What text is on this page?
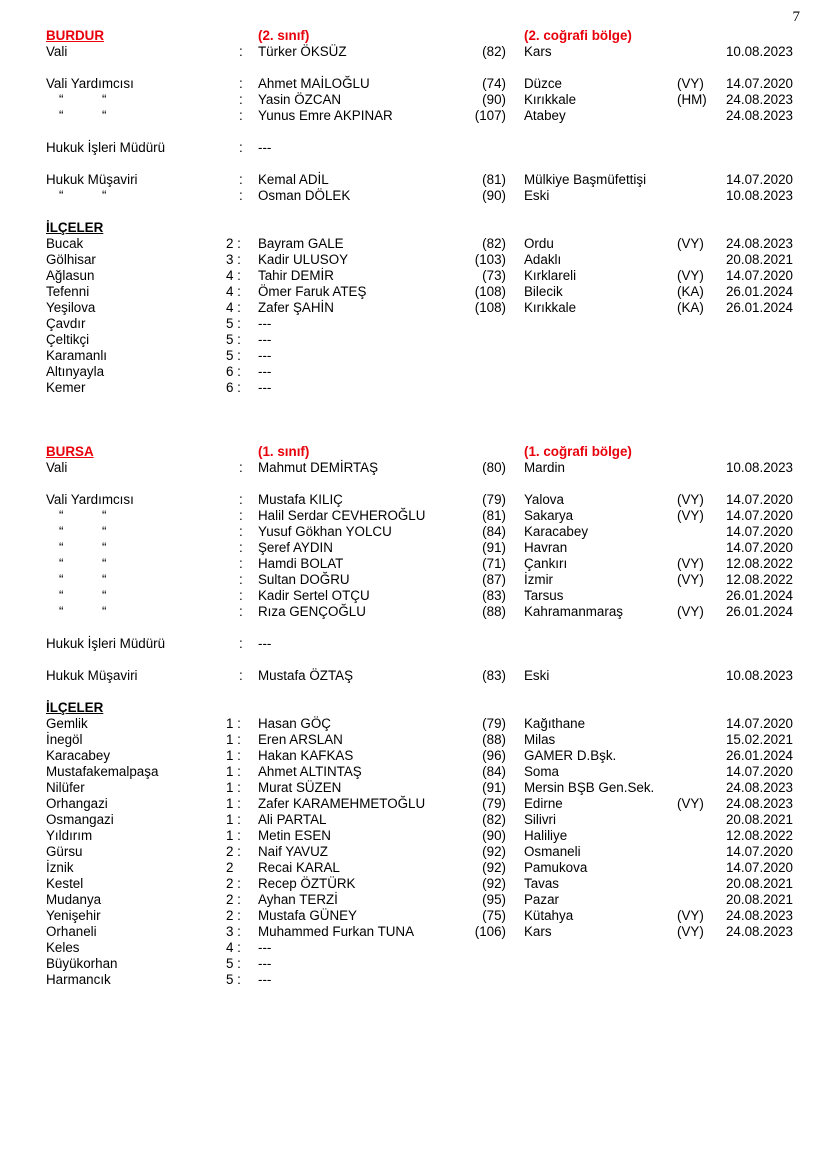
7
BURDUR	(2. sınıf)	(2. coğrafi bölge)
Vali	: Türker ÖKSÜZ	(82) Kars	10.08.2023
Vali Yardımcısı	: Ahmet MAİLOĞLU	(74) Düzce	(VY) 14.07.2020
“	“	: Yasin ÖZCAN	(90) Kırıkkale	(HM) 24.08.2023
“	“	: Yunus Emre AKPINAR	(107) Atabey	24.08.2023
Hukuk İşleri Müdürü	: ---
Hukuk Müşaviri	: Kemal ADİL	(81) Mülkiye Başmüfettişi	14.07.2020
“	“	: Osman DÖLEK	(90) Eski	10.08.2023
İLÇELER
Bucak	2 : Bayram GALE	(82) Ordu	(VY) 24.08.2023
Gölhisar	3 : Kadir ULUSOY	(103) Adaklı	20.08.2021
Ağlasun	4 : Tahir DEMİR	(73) Kırklareli	(VY) 14.07.2020
Tefenni	4 : Ömer Faruk ATEŞ	(108) Bilecik	(KA) 26.01.2024
Yeşilova	4 : Zafer ŞAHİN	(108) Kırıkkale	(KA) 26.01.2024
Çavdır	5 : ---
Çeltikçi	5 : ---
Karamanlı	5 : ---
Altınyayla	6 : ---
Kemer	6 : ---
BURSA	(1. sınıf)	(1. coğrafi bölge)
Vali	: Mahmut DEMİRTAŞ	(80) Mardin	10.08.2023
Vali Yardımcısı	: Mustafa KILIÇ	(79) Yalova	(VY) 14.07.2020
“	“	: Halil Serdar CEVHEROĞLU	(81) Sakarya	(VY) 14.07.2020
“	“	: Yusuf Gökhan YOLCU	(84) Karacabey	14.07.2020
“	“	: Şeref AYDIN	(91) Havran	14.07.2020
“	“	: Hamdi BOLAT	(71) Çankırı	(VY) 12.08.2022
“	“	: Sultan DOĞRU	(87) İzmir	(VY) 12.08.2022
“	“	: Kadir Sertel OTÇU	(83) Tarsus	26.01.2024
“	“	: Rıza GENÇOĞLU	(88) Kahramanmaraş	(VY) 26.01.2024
Hukuk İşleri Müdürü	: ---
Hukuk Müşaviri	: Mustafa ÖZTAŞ	(83) Eski	10.08.2023
İLÇELER
Gemlik	1 : Hasan GÖÇ	(79) Kağıthane	14.07.2020
İnegöl	1 : Eren ARSLAN	(88) Milas	15.02.2021
Karacabey	1 : Hakan KAFKAS	(96) GAMER D.Bşk.	26.01.2024
Mustafakemalpaşa	1 : Ahmet ALTINTAŞ	(84) Soma	14.07.2020
Nilüfer	1 : Murat SÜZEN	(91) Mersin BŞB Gen.Sek.	24.08.2023
Orhangazi	1 : Zafer KARAMEHMETOĞLU	(79) Edirne	(VY) 24.08.2023
Osmangazi	1 : Ali PARTAL	(82) Silivri	20.08.2021
Yıldırım	1 : Metin ESEN	(90) Haliliye	12.08.2022
Gürsu	2 : Naif YAVUZ	(92) Osmaneli	14.07.2020
İznik	2	Recai KARAL	(92) Pamukova	14.07.2020
Kestel	2 : Recep ÖZTÜRK	(92) Tavas	20.08.2021
Mudanya	2 : Ayhan TERZİ	(95) Pazar	20.08.2021
Yenişehir	2 : Mustafa GÜNEY	(75) Kütahya	(VY) 24.08.2023
Orhaneli	3 : Muhammed Furkan TUNA	(106) Kars	(VY) 24.08.2023
Keles	4 : ---
Büyükorhan	5 : ---
Harmancık	5 : ---
